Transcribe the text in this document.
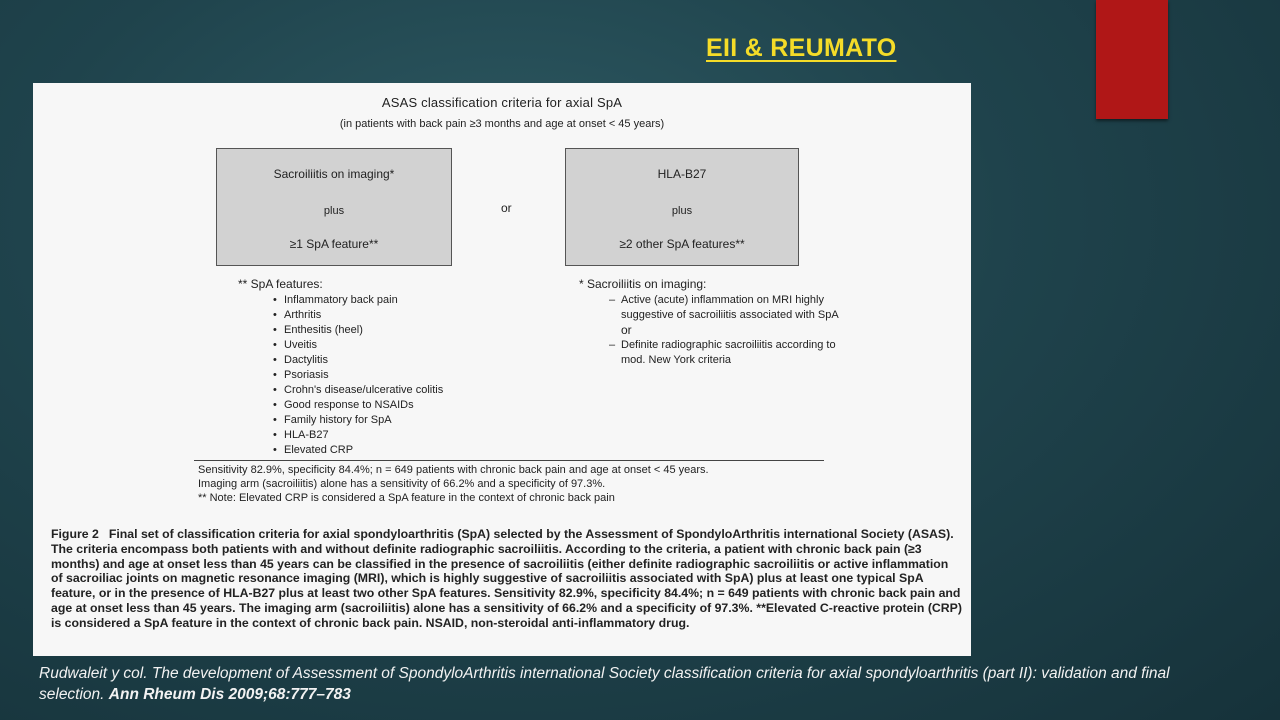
EII & REUMATO
ASAS classification criteria for axial SpA
(in patients with back pain ≥3 months and age at onset < 45 years)
Sacroiliitis on imaging*
plus
≥1 SpA feature**
or
HLA-B27
plus
≥2 other SpA features**
** SpA features:
• Inflammatory back pain
• Arthritis
• Enthesitis (heel)
• Uveitis
• Dactylitis
• Psoriasis
• Crohn's disease/ulcerative colitis
• Good response to NSAIDs
• Family history for SpA
• HLA-B27
• Elevated CRP
* Sacroiliitis on imaging:
– Active (acute) inflammation on MRI highly suggestive of sacroiliitis associated with SpA
or
– Definite radiographic sacroiliitis according to mod. New York criteria
Sensitivity 82.9%, specificity 84.4%; n = 649 patients with chronic back pain and age at onset < 45 years.
Imaging arm (sacroiliitis) alone has a sensitivity of 66.2% and a specificity of 97.3%.
** Note: Elevated CRP is considered a SpA feature in the context of chronic back pain
Figure 2 Final set of classification criteria for axial spondyloarthritis (SpA) selected by the Assessment of SpondyloArthritis international Society (ASAS). The criteria encompass both patients with and without definite radiographic sacroiliitis. According to the criteria, a patient with chronic back pain (≥3 months) and age at onset less than 45 years can be classified in the presence of sacroiliitis (either definite radiographic sacroiliitis or active inflammation of sacroiliac joints on magnetic resonance imaging (MRI), which is highly suggestive of sacroiliitis associated with SpA) plus at least one typical SpA feature, or in the presence of HLA-B27 plus at least two other SpA features. Sensitivity 82.9%, specificity 84.4%; n = 649 patients with chronic back pain and age at onset less than 45 years. The imaging arm (sacroiliitis) alone has a sensitivity of 66.2% and a specificity of 97.3%. **Elevated C-reactive protein (CRP) is considered a SpA feature in the context of chronic back pain. NSAID, non-steroidal anti-inflammatory drug.
Rudwaleit y col. The development of Assessment of SpondyloArthritis international Society classification criteria for axial spondyloarthritis (part II): validation and final selection. Ann Rheum Dis 2009;68:777–783
